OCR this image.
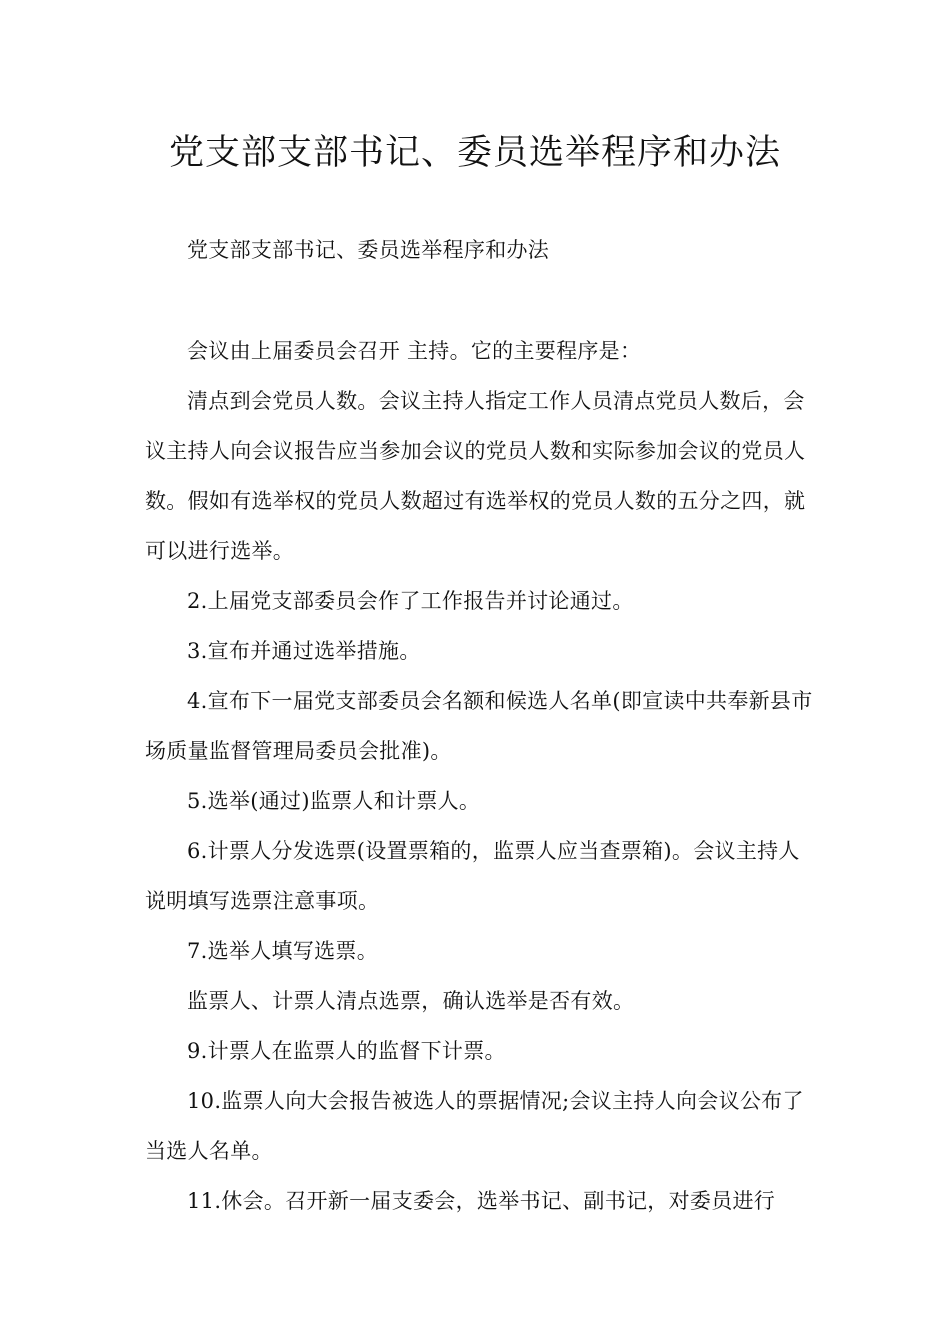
党支部支部书记、委员选举程序和办法

党支部支部书记、委员选举程序和办法

会议由上届委员会召开 主持。它的主要程序是：

清点到会党员人数。会议主持人指定工作人员清点党员人数后，会议主持人向会议报告应当参加会议的党员人数和实际参加会议的党员人数。假如有选举权的党员人数超过有选举权的党员人数的五分之四，就可以进行选举。

2.上届党支部委员会作了工作报告并讨论通过。

3.宣布并通过选举措施。

4.宣布下一届党支部委员会名额和候选人名单(即宣读中共奉新县市场质量监督管理局委员会批准)。

5.选举(通过)监票人和计票人。

6.计票人分发选票(设置票箱的，监票人应当查票箱)。会议主持人说明填写选票注意事项。

7.选举人填写选票。

监票人、计票人清点选票，确认选举是否有效。

9.计票人在监票人的监督下计票。

10.监票人向大会报告被选人的票据情况;会议主持人向会议公布了当选人名单。

11.休会。召开新一届支委会，选举书记、副书记，对委员进行
